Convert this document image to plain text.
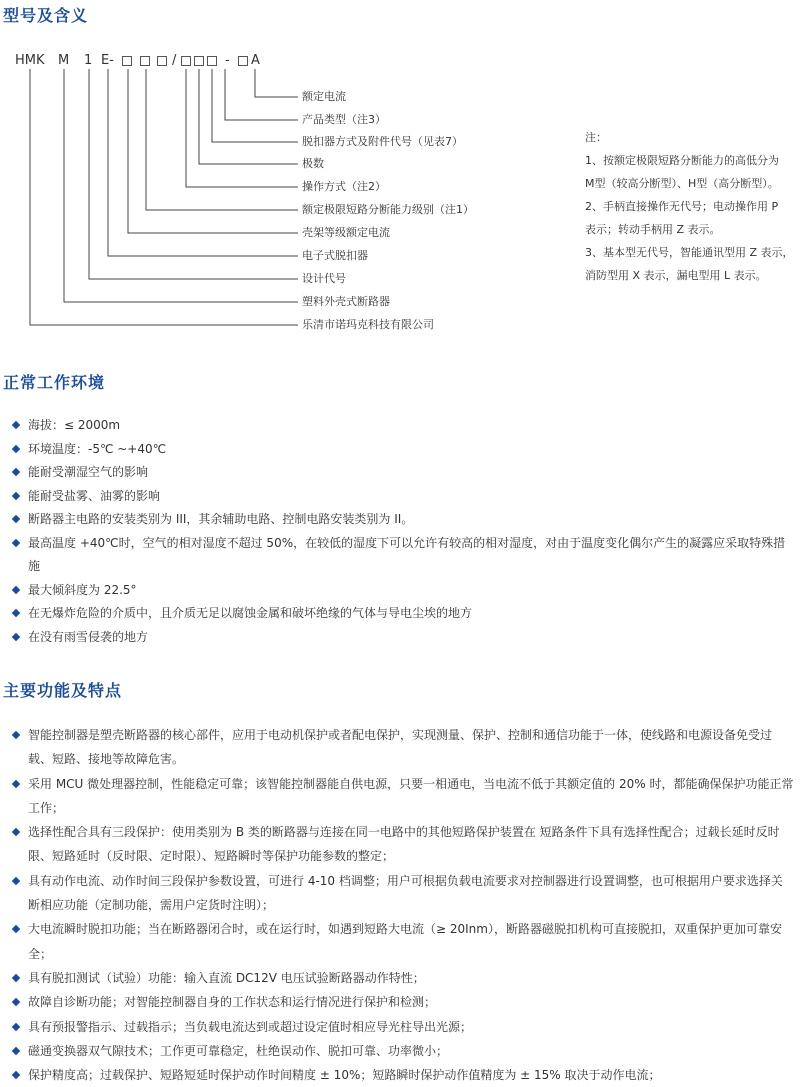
型号及含义
HMK M 1 E-	/	- A
额定电流
产品类型（注3）
脱扣器方式及附件代号（见表7）
极数
操作方式（注2）
额定极限短路分断能力级别（注1）
壳架等级额定电流
电子式脱扣器
设计代号
塑料外壳式断路器
乐清市诺玛克科技有限公司
注：
1、按额定极限短路分断能力的高低分为
M型（较高分断型）、H型（高分断型）。
2、手柄直接操作无代号；电动操作用 P
表示；转动手柄用 Z 表示。
3、基本型无代号，智能通讯型用 Z 表示，
消防型用 X 表示，漏电型用 L 表示。
正常工作环境
海拔：≤ 2000m
环境温度：-5℃ ~+40℃
能耐受潮湿空气的影响
能耐受盐雾、油雾的影响
断路器主电路的安装类别为 III，其余辅助电路、控制电路安装类别为 II。
最高温度 +40℃时，空气的相对湿度不超过 50%，在较低的湿度下可以允许有较高的相对湿度，对由于温度变化偶尔产生的凝露应采取特殊措施
最大倾斜度为 22.5°
在无爆炸危险的介质中，且介质无足以腐蚀金属和破坏绝缘的气体与导电尘埃的地方
在没有雨雪侵袭的地方
主要功能及特点
智能控制器是塑壳断路器的核心部件，应用于电动机保护或者配电保护，实现测量、保护、控制和通信功能于一体，使线路和电源设备免受过载、短路、接地等故障危害。
采用 MCU 微处理器控制，性能稳定可靠；该智能控制器能自供电源，只要一相通电，当电流不低于其额定值的 20% 时，都能确保保护功能正常工作；
选择性配合具有三段保护：使用类别为 B 类的断路器与连接在同一电路中的其他短路保护装置在 短路条件下具有选择性配合；过载长延时反时限、短路延时（反时限、定时限）、短路瞬时等保护功能参数的整定；
具有动作电流、动作时间三段保护参数设置，可进行 4-10 档调整；用户可根据负载电流要求对控制器进行设置调整，也可根据用户要求选择关断相应功能（定制功能，需用户定货时注明）；
大电流瞬时脱扣功能；当在断路器闭合时，或在运行时，如遇到短路大电流（≥ 20Inm），断路器磁脱扣机构可直接脱扣，双重保护更加可靠安全；
具有脱扣测试（试验）功能：输入直流 DC12V 电压试验断路器动作特性；
故障自诊断功能；对智能控制器自身的工作状态和运行情况进行保护和检测；
具有预报警指示、过载指示；当负载电流达到或超过设定值时相应导光柱导出光源；
磁通变换器双气隙技术；工作更可靠稳定，杜绝误动作、脱扣可靠、功率微小；
保护精度高；过载保护、短路短延时保护动作时间精度 ± 10%；短路瞬时保护动作值精度为 ± 15% 取决于动作电流；
